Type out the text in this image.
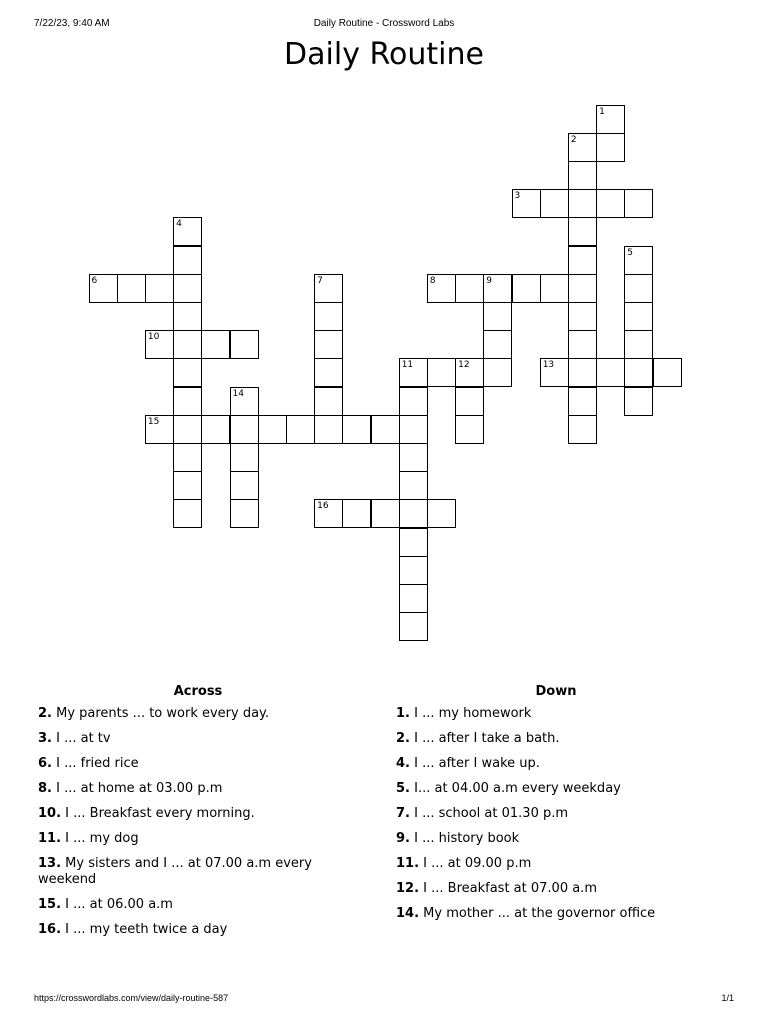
7/22/23, 9:40 AM	Daily Routine - Crossword Labs
Daily Routine
1
2
3
4
5
6	7	8	9
10
11	12	13
14
15
16
Across
2. My parents ... to work every day.
3. I ... at tv
6. I ... fried rice
8. I ... at home at 03.00 p.m
10. I ... Breakfast every morning.
11. I ... my dog
13. My sisters and I ... at 07.00 a.m every weekend
15. I ... at 06.00 a.m
16. I ... my teeth twice a day
Down
1. I ... my homework
2. I ... after I take a bath.
4. I ... after I wake up.
5. I... at 04.00 a.m every weekday
7. I ... school at 01.30 p.m
9. I ... history book
11. I ... at 09.00 p.m
12. I ... Breakfast at 07.00 a.m
14. My mother ... at the governor office
https://crosswordlabs.com/view/daily-routine-587	1/1
